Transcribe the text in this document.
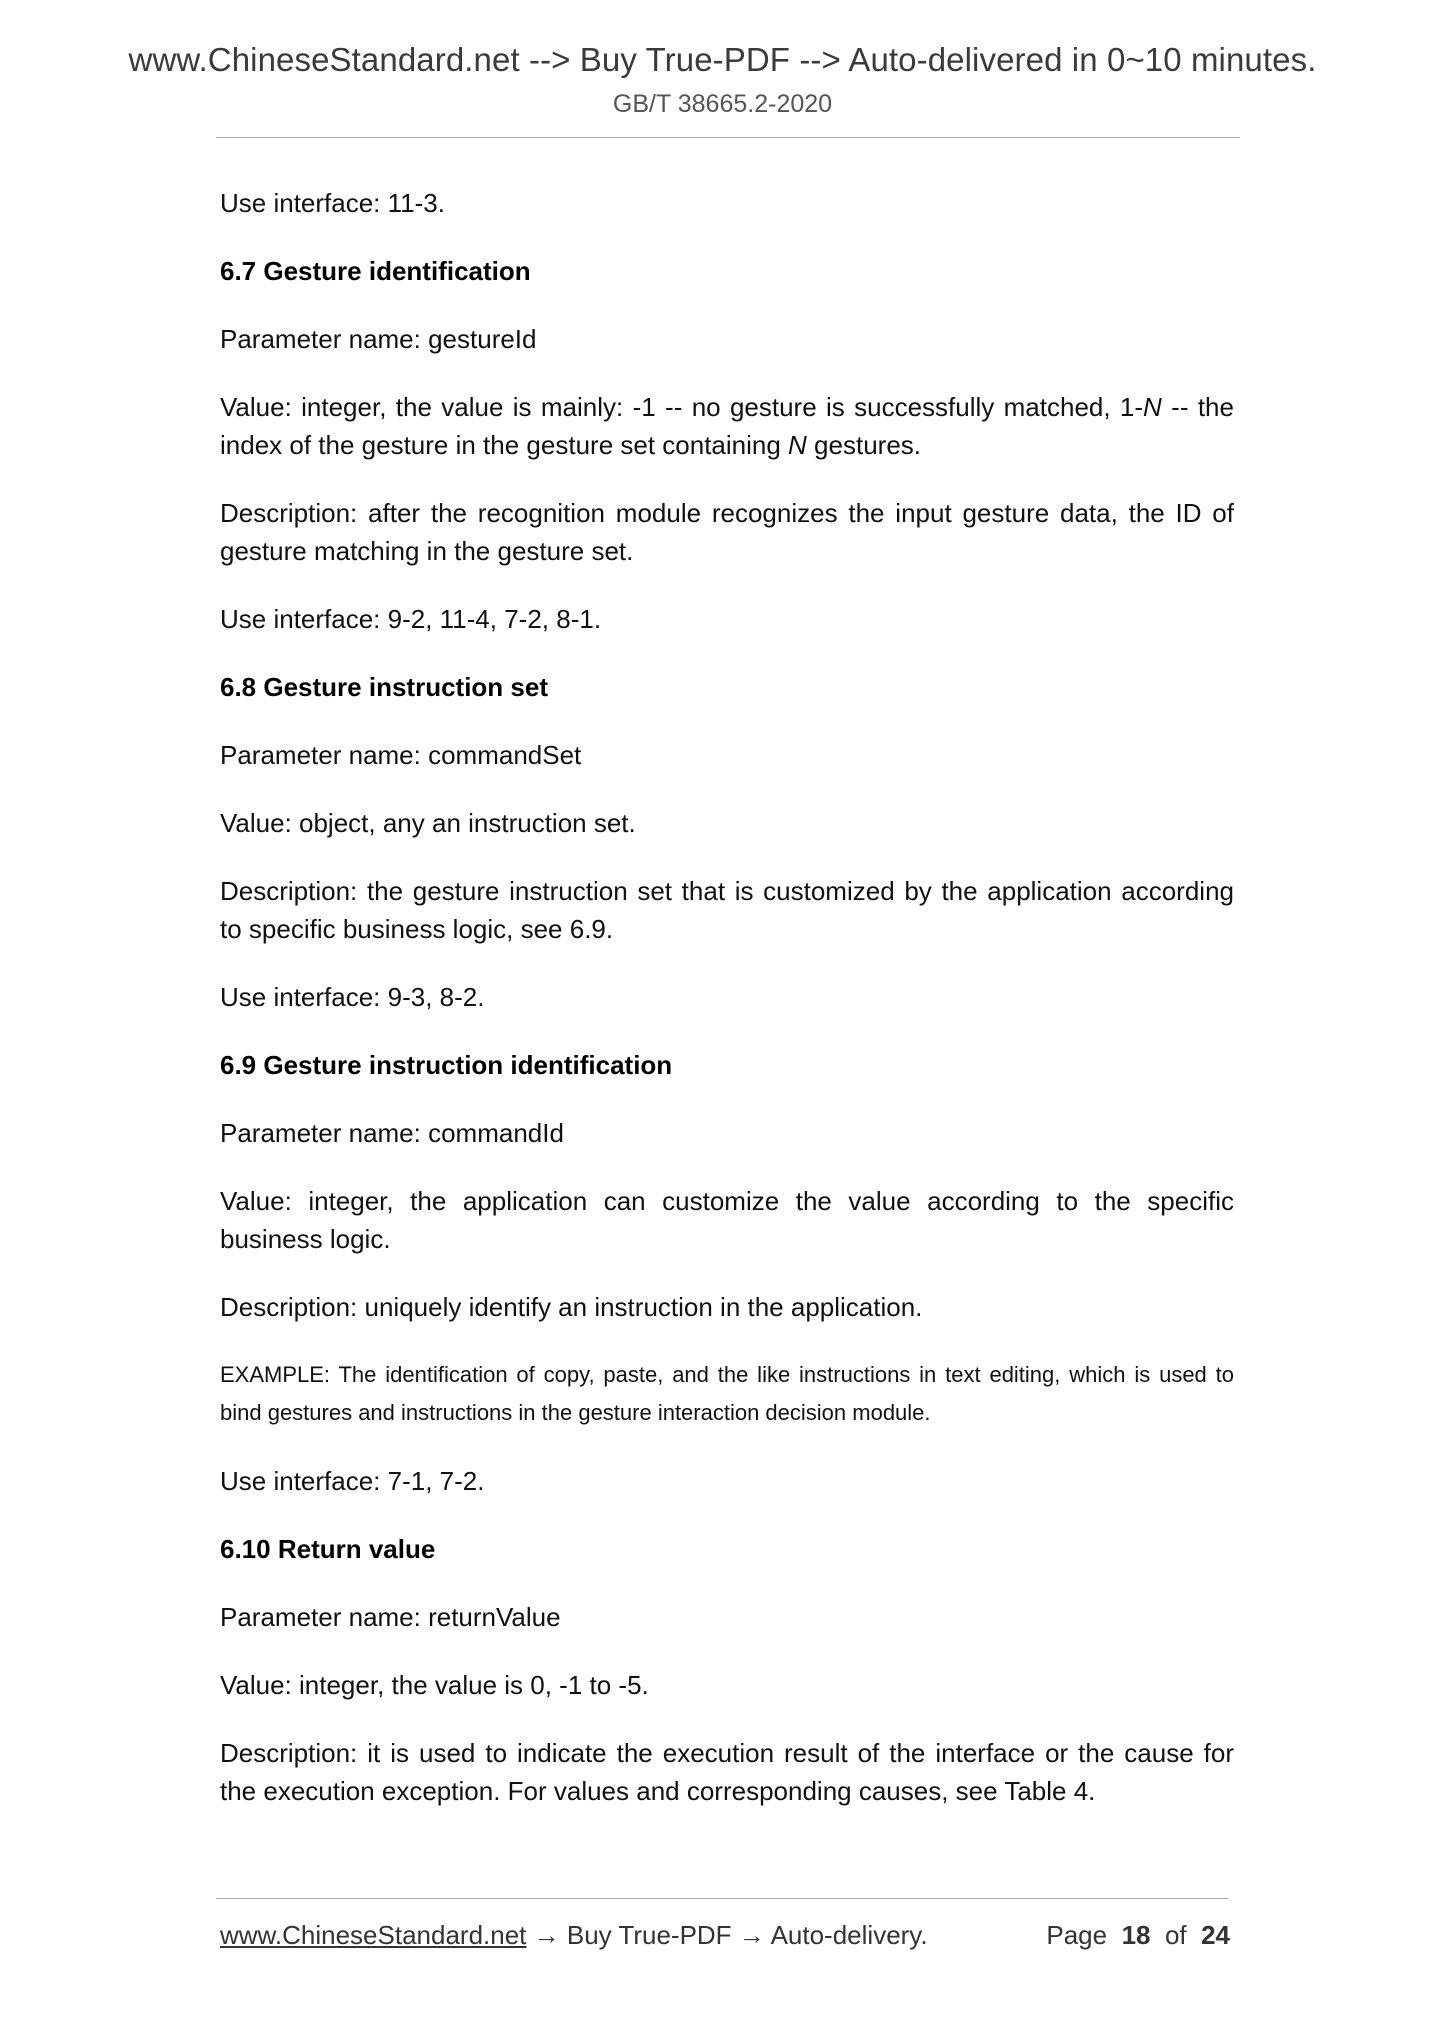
www.ChineseStandard.net --> Buy True-PDF --> Auto-delivered in 0~10 minutes.
GB/T 38665.2-2020

Use interface: 11-3.

6.7 Gesture identification

Parameter name: gestureId

Value: integer, the value is mainly: -1 -- no gesture is successfully matched, 1-N -- the index of the gesture in the gesture set containing N gestures.

Description: after the recognition module recognizes the input gesture data, the ID of gesture matching in the gesture set.

Use interface: 9-2, 11-4, 7-2, 8-1.

6.8 Gesture instruction set

Parameter name: commandSet

Value: object, any an instruction set.

Description: the gesture instruction set that is customized by the application according to specific business logic, see 6.9.

Use interface: 9-3, 8-2.

6.9 Gesture instruction identification

Parameter name: commandId

Value: integer, the application can customize the value according to the specific business logic.

Description: uniquely identify an instruction in the application.

EXAMPLE: The identification of copy, paste, and the like instructions in text editing, which is used to bind gestures and instructions in the gesture interaction decision module.

Use interface: 7-1, 7-2.

6.10 Return value

Parameter name: returnValue

Value: integer, the value is 0, -1 to -5.

Description: it is used to indicate the execution result of the interface or the cause for the execution exception. For values and corresponding causes, see Table 4.

www.ChineseStandard.net → Buy True-PDF → Auto-delivery.	Page 18 of 24
